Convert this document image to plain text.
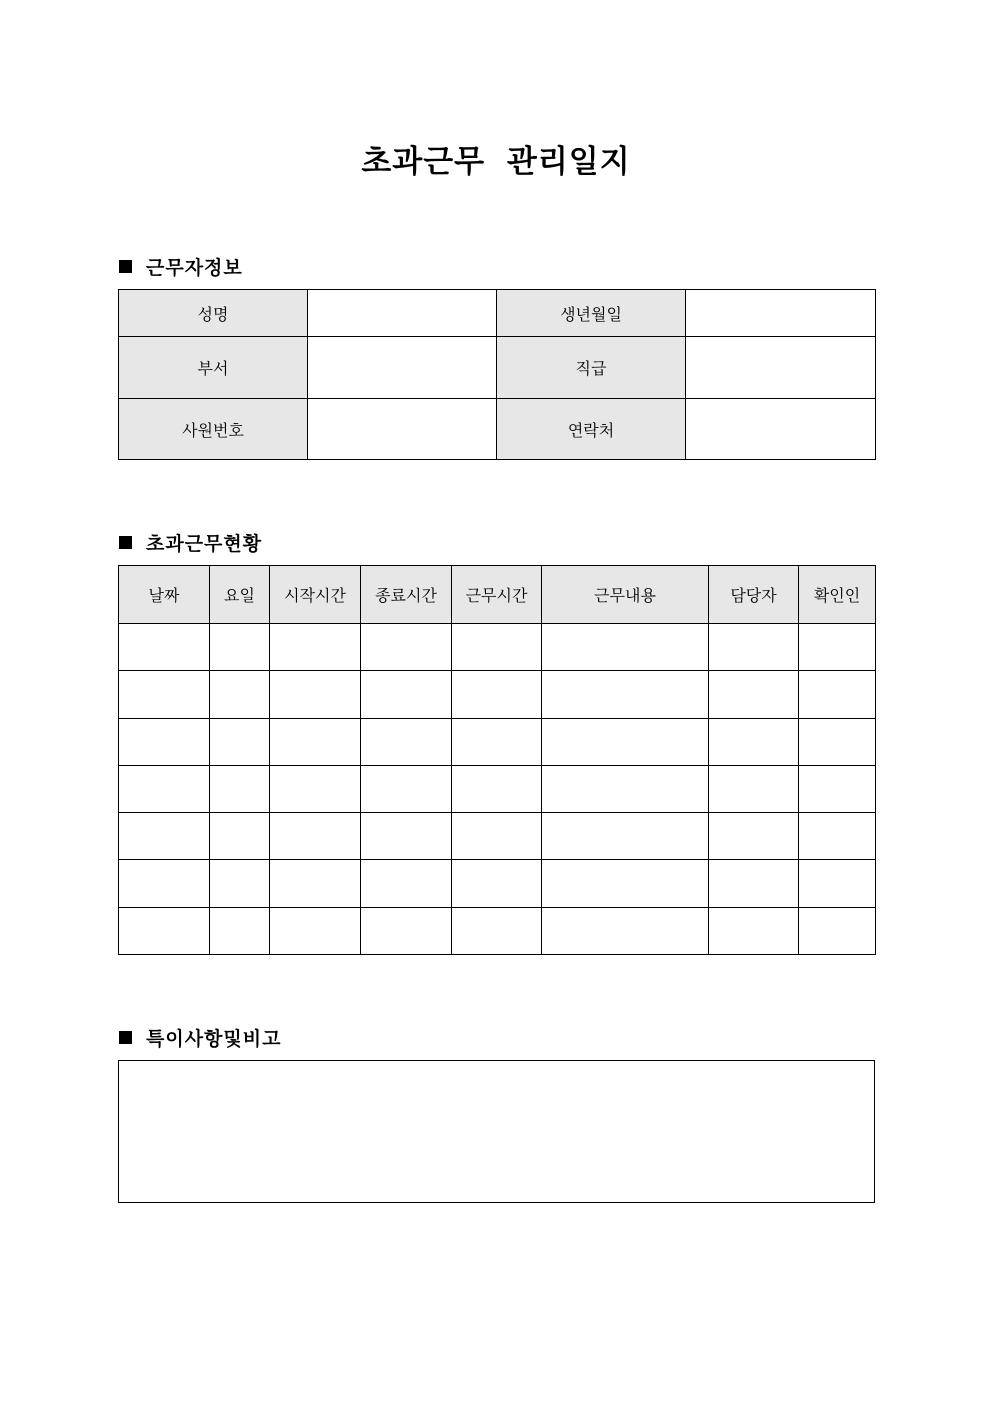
초과근무 관리일지
근무자정보
성명		생년월일	
부서		직급	
사원번호		연락처	
초과근무현황
날짜	요일	시작시간	종료시간	근무시간	근무내용	담당자	확인인

특이사항및비고
